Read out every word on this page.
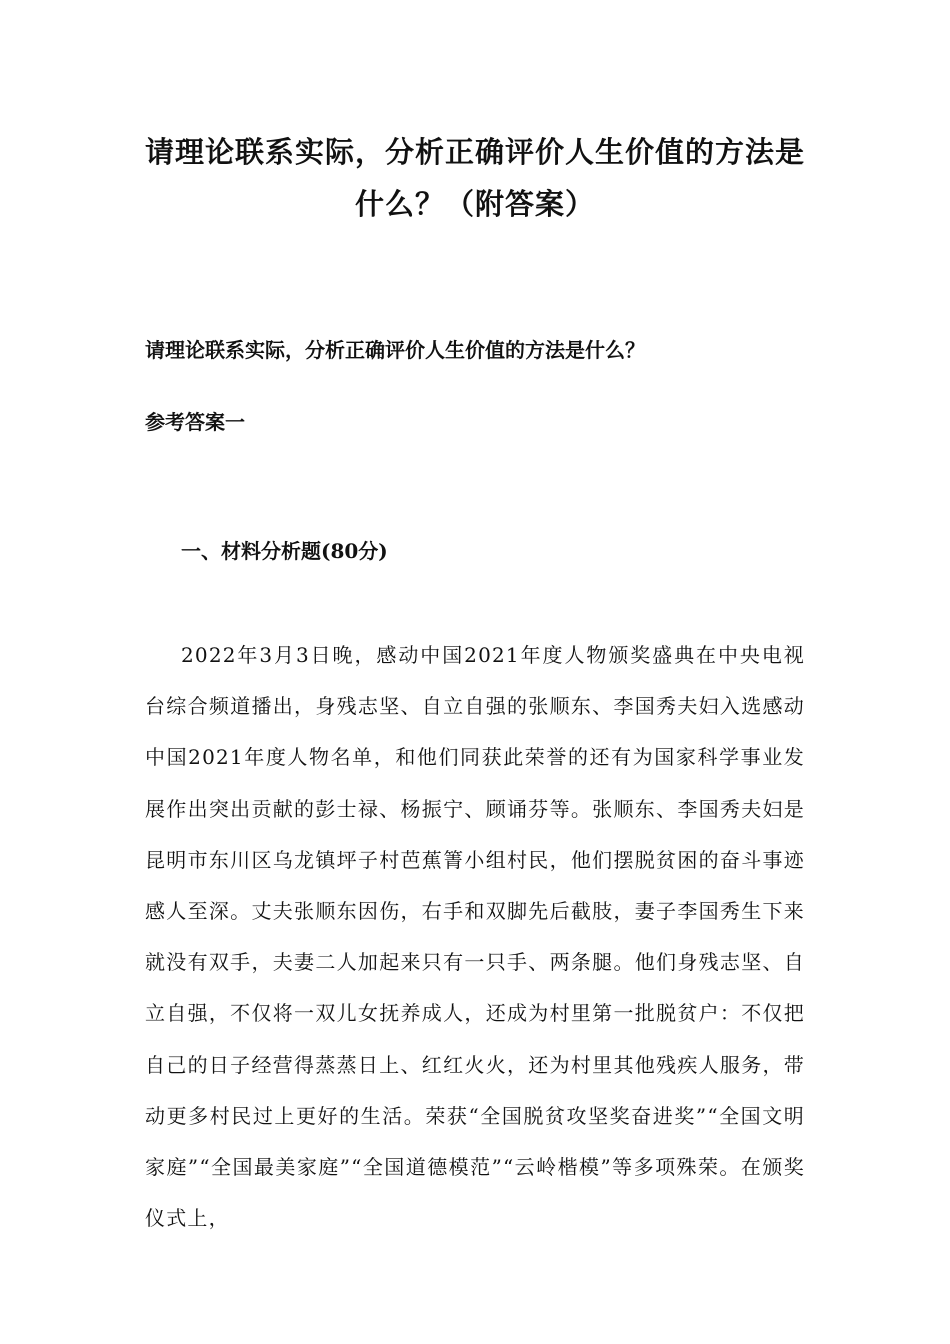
请理论联系实际，分析正确评价人生价值的方法是什么？（附答案）
请理论联系实际，分析正确评价人生价值的方法是什么？
参考答案一
一、材料分析题(80分)

2022年3月3日晚，感动中国2021年度人物颁奖盛典在中央电视台综合频道播出，身残志坚、自立自强的张顺东、李国秀夫妇入选感动中国2021年度人物名单，和他们同获此荣誉的还有为国家科学事业发展作出突出贡献的彭士禄、杨振宁、顾诵芬等。张顺东、李国秀夫妇是昆明市东川区乌龙镇坪子村芭蕉箐小组村民，他们摆脱贫困的奋斗事迹感人至深。丈夫张顺东因伤，右手和双脚先后截肢，妻子李国秀生下来就没有双手，夫妻二人加起来只有一只手、两条腿。他们身残志坚、自立自强，不仅将一双儿女抚养成人，还成为村里第一批脱贫户：不仅把自己的日子经营得蒸蒸日上、红红火火，还为村里其他残疾人服务，带动更多村民过上更好的生活。荣获“全国脱贫攻坚奖奋进奖”“全国文明家庭”“全国最美家庭”“全国道德模范”“云岭楷模”等多项殊荣。在颁奖仪式上，
